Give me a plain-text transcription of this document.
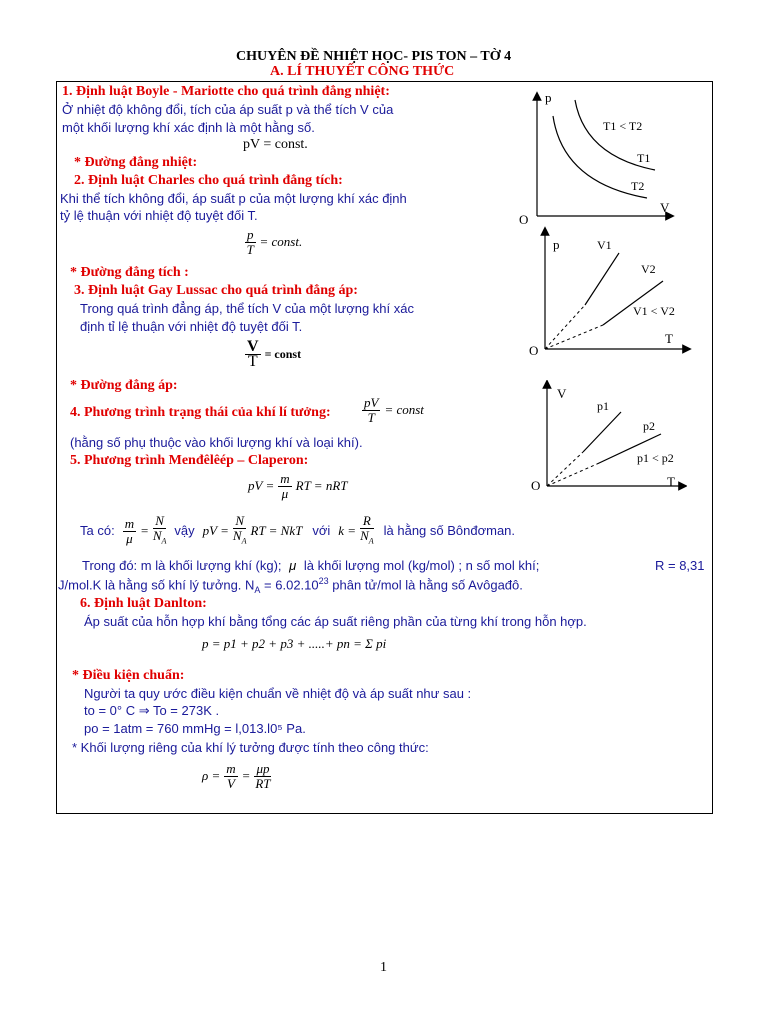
CHUYÊN ĐỀ NHIỆT HỌC- PIS TON – TỜ 4
A. LÍ THUYẾT CÔNG THỨC
1. Định luật Boyle - Mariotte cho quá trình đẳng nhiệt:
Ở nhiệt độ không đổi, tích của áp suất p và thể tích V của
một khối lượng khí xác định là một hằng số.
pV = const.
* Đường đẳng nhiệt:
2. Định luật Charles cho quá trình đẳng tích:
Khi thể tích không đổi, áp suất p của một lượng khí xác định
tỷ lệ thuận với nhiệt độ tuyệt đối T.
$\frac{p}{T}$ = const.
* Đường đẳng tích :
3. Định luật Gay Lussac cho quá trình đẳng áp:
Trong quá trình đẳng áp, thể tích V của một lượng khí xác
định tỉ lệ thuận với nhiệt độ tuyệt đối T.
$\frac{V}{T}$ = const
* Đường đẳng áp:
4. Phương trình trạng thái của khí lí tưởng: $\frac{pV}{T}$ = const
(hằng số phụ thuộc vào khối lượng khí và loại khí).
5. Phương trình Menđêlêép – Claperon:
pV = $\frac{m}{\mu}$ RT = nRT
Ta có: $\frac{m}{\mu} = \frac{N}{N_A}$ vậy pV = $\frac{N}{N_A}$ RT = NkT với $k = \frac{R}{N_A}$ là hằng số Bônđơman.
Trong đó: m là khối lượng khí (kg); μ là khối lượng mol (kg/mol) ; n số mol khí;	R = 8,31
J/mol.K là hằng số khí lý tưởng. $N_A = 6.02.10^{23}$ phân tử/mol là hằng số Avôgađô.
6. Định luật Danlton:
Áp suất của hỗn hợp khí bằng tổng các áp suất riêng phần của từng khí trong hỗn hợp.
p = p1 + p2 + p3 + .....+ pn = Σ pi
* Điều kiện chuẩn:
Người ta quy ước điều kiện chuẩn về nhiệt độ và áp suất như sau :
to = 0° C ⇒ To = 273K .
po = 1atm = 760 mmHg = l,013.l0⁵ Pa.
* Khối lượng riêng của khí lý tưởng được tính theo công thức:
$\rho = \frac{m}{V} = \frac{\mu p}{RT}$
p
V
O
T1 < T2
T1
T2
p
T
O
V1 < V2
V1
V2
V
T
O
p1 < p2
p1
p2
1
